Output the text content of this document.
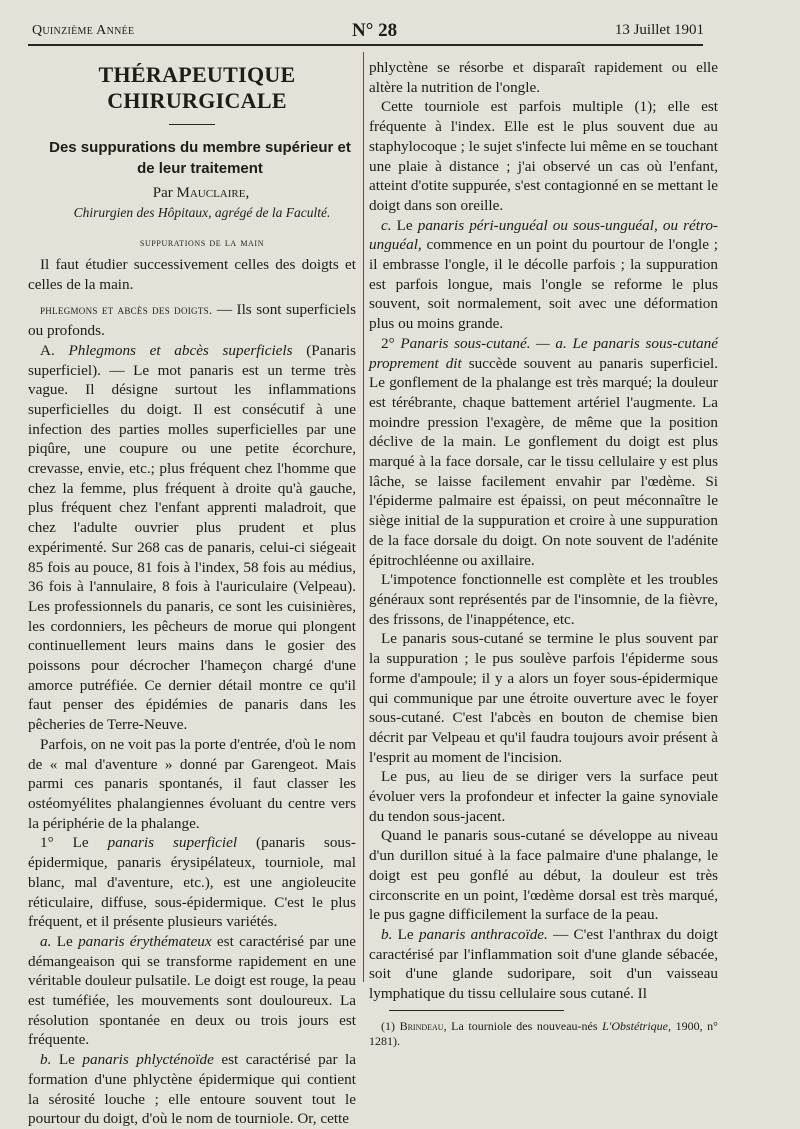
Quinzième Année	N° 28	13 Juillet 1901
THÉRAPEUTIQUE CHIRURGICALE
Des suppurations du membre supérieur et de leur traitement
Par Mauclaire,
Chirurgien des Hôpitaux, agrégé de la Faculté.
suppurations de la main

Il faut étudier successivement celles des doigts et celles de la main.

phlegmons et abcès des doigts. — Ils sont superficiels ou profonds.

A. Phlegmons et abcès superficiels (Panaris superficiel). — Le mot panaris est un terme très vague. Il désigne surtout les inflammations superficielles du doigt. Il est consécutif à une infection des parties molles superficielles par une piqûre, une coupure ou une petite écorchure, crevasse, envie, etc.; plus fréquent chez l'homme que chez la femme, plus fréquent à droite qu'à gauche, plus fréquent chez l'enfant apprenti maladroit, que chez l'adulte ouvrier plus prudent et plus expérimenté. Sur 268 cas de panaris, celui-ci siégeait 85 fois au pouce, 81 fois à l'index, 58 fois au médius, 36 fois à l'annulaire, 8 fois à l'auriculaire (Velpeau). Les professionnels du panaris, ce sont les cuisinières, les cordonniers, les pêcheurs de morue qui plongent continuellement leurs mains dans le gosier des poissons pour décrocher l'hameçon chargé d'une amorce putréfiée. Ce dernier détail montre ce qu'il faut penser des épidémies de panaris dans les pêcheries de Terre-Neuve.

Parfois, on ne voit pas la porte d'entrée, d'où le nom de « mal d'aventure » donné par Garengeot. Mais parmi ces panaris spontanés, il faut classer les ostéomyélites phalangiennes évoluant du centre vers la périphérie de la phalange.

1° Le panaris superficiel (panaris sous-épidermique, panaris érysipélateux, tourniole, mal blanc, mal d'aventure, etc.), est une angioleucite réticulaire, diffuse, sous-épidermique. C'est le plus fréquent, et il présente plusieurs variétés.

a. Le panaris érythémateux est caractérisé par une démangeaison qui se transforme rapidement en une véritable douleur pulsatile. Le doigt est rouge, la peau est tuméfiée, les mouvements sont douloureux. La résolution spontanée en deux ou trois jours est fréquente.

b. Le panaris phlycténoïde est caractérisé par la formation d'une phlyctène épidermique qui contient la sérosité louche ; elle entoure souvent tout le pourtour du doigt, d'où le nom de tourniole. Or, cette

phlyctène se résorbe et disparaît rapidement ou elle altère la nutrition de l'ongle.

Cette tourniole est parfois multiple (1); elle est fréquente à l'index. Elle est le plus souvent due au staphylocoque ; le sujet s'infecte lui même en se touchant une plaie à distance ; j'ai observé un cas où l'enfant, atteint d'otite suppurée, s'est contagionné en se mettant le doigt dans son oreille.

c. Le panaris péri-unguéal ou sous-unguéal, ou rétro-unguéal, commence en un point du pourtour de l'ongle ; il embrasse l'ongle, il le décolle parfois ; la suppuration est parfois longue, mais l'ongle se reforme le plus souvent, soit normalement, soit avec une déformation plus ou moins grande.

2° Panaris sous-cutané. — a. Le panaris sous-cutané proprement dit succède souvent au panaris superficiel. Le gonflement de la phalange est très marqué; la douleur est térébrante, chaque battement artériel l'augmente. La moindre pression l'exagère, de même que la position déclive de la main. Le gonflement du doigt est plus marqué à la face dorsale, car le tissu cellulaire y est plus lâche, se laisse facilement envahir par l'œdème. Si l'épiderme palmaire est épaissi, on peut méconnaître le siège initial de la suppuration et croire à une suppuration de la face dorsale du doigt. On note souvent de l'adénite épitrochléenne ou axillaire.

L'impotence fonctionnelle est complète et les troubles généraux sont représentés par de l'insomnie, de la fièvre, des frissons, de l'inappétence, etc.

Le panaris sous-cutané se termine le plus souvent par la suppuration ; le pus soulève parfois l'épiderme sous forme d'ampoule; il y a alors un foyer sous-épidermique qui communique par une étroite ouverture avec le foyer sous-cutané. C'est l'abcès en bouton de chemise bien décrit par Velpeau et qu'il faudra toujours avoir présent à l'esprit au moment de l'incision.

Le pus, au lieu de se diriger vers la surface peut évoluer vers la profondeur et infecter la gaine synoviale du tendon sous-jacent.

Quand le panaris sous-cutané se développe au niveau d'un durillon situé à la face palmaire d'une phalange, le doigt est peu gonflé au début, la douleur est très circonscrite en un point, l'œdème dorsal est très marqué, le pus gagne difficilement la surface de la peau.

b. Le panaris anthracoïde. — C'est l'anthrax du doigt caractérisé par l'inflammation soit d'une glande sébacée, soit d'une glande sudoripare, soit d'un vaisseau lymphatique du tissu cellulaire sous cutané. Il

(1) Brindeau, La tourniole des nouveau-nés L'Obstétrique, 1900, n° 1281).
